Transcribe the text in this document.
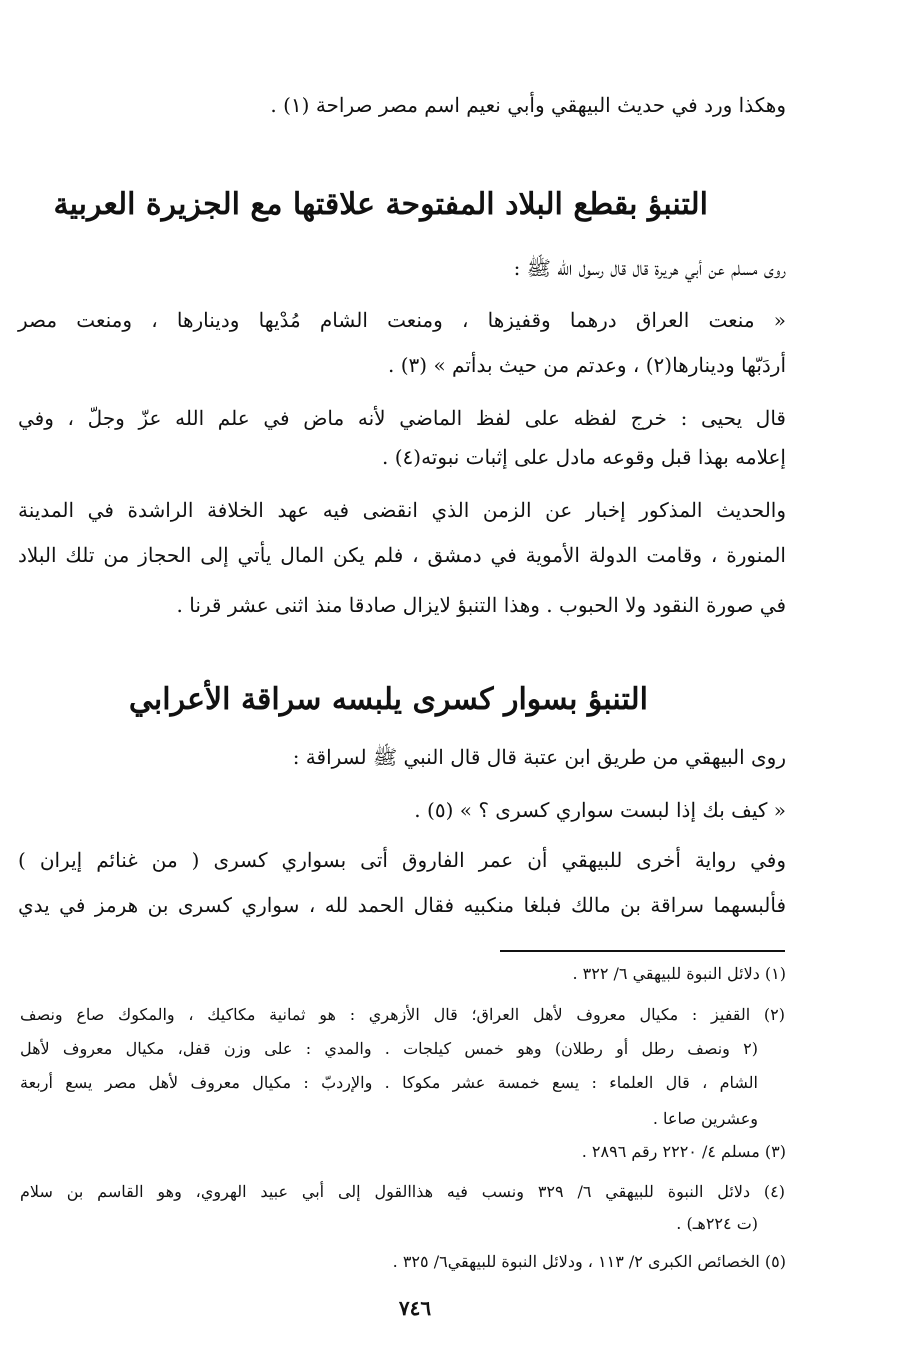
وهكذا ورد في حديث البيهقي وأبي نعيم اسم مصر صراحة (١) .
التنبؤ بقطع البلاد المفتوحة علاقتها مع الجزيرة العربية
روى مسلم عن أبي هريرة قال قال رسول الله ﷺ :
« منعت العراق درهما وقفيزها ، ومنعت الشام مُدْيها ودينارها ، ومنعت مصر
أردَبّها ودينارها(٢) ، وعدتم من حيث بدأتم » (٣) .
قال يحيى : خرج لفظه على لفظ الماضي لأنه ماض في علم الله عزّ وجلّ ، وفي
إعلامه بهذا قبل وقوعه مادل على إثبات نبوته(٤) .
والحديث المذكور إخبار عن الزمن الذي انقضى فيه عهد الخلافة الراشدة في المدينة
المنورة ، وقامت الدولة الأموية في دمشق ، فلم يكن المال يأتي إلى الحجاز من تلك البلاد
في صورة النقود ولا الحبوب . وهذا التنبؤ لايزال صادقا منذ اثنى عشر قرنا .
التنبؤ بسوار كسرى يلبسه سراقة الأعرابي
روى البيهقي من طريق ابن عتبة قال قال النبي ﷺ لسراقة :
« كيف بك إذا لبست سواري كسرى ؟ » (٥) .
وفي رواية أخرى للبيهقي أن عمر الفاروق أتى بسواري كسرى ( من غنائم إيران )
فألبسهما سراقة بن مالك فبلغا منكبيه فقال الحمد لله ، سواري كسرى بن هرمز في يدي
(١) دلائل النبوة للبيهقي ٦/ ٣٢٢ .
(٢) القفيز : مكيال معروف لأهل العراق؛ قال الأزهري : هو ثمانية مكاكيك ، والمكوك صاع ونصف
(٢ ونصف رطل أو رطلان) وهو خمس كيلجات . والمدي : على وزن قفل، مكيال معروف لأهل
الشام ، قال العلماء : يسع خمسة عشر مكوكا . والإردبّ : مكيال معروف لأهل مصر يسع أربعة
وعشرين صاعا .
(٣) مسلم ٤/ ٢٢٢٠ رقم ٢٨٩٦ .
(٤) دلائل النبوة للبيهقي ٦/ ٣٢٩ ونسب فيه هذاالقول إلى أبي عبيد الهروي، وهو القاسم بن سلام
(ت ٢٢٤هـ) .
(٥) الخصائص الكبرى ٢/ ١١٣ ، ودلائل النبوة للبيهقي٦/ ٣٢٥ .
٧٤٦
